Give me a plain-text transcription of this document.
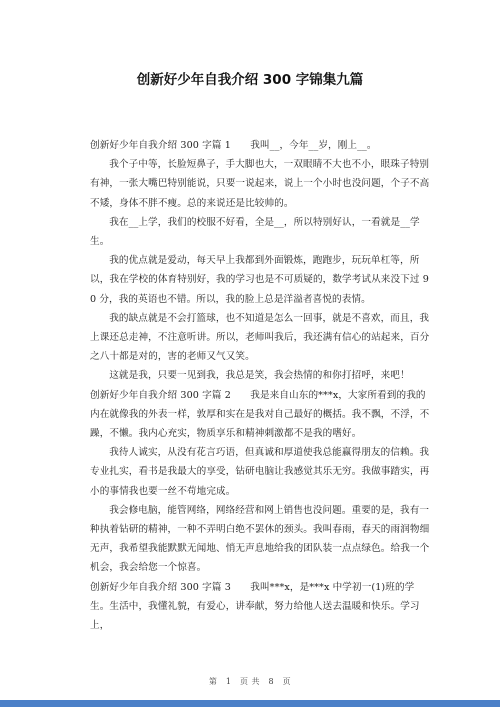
创新好少年自我介绍 300 字锦集九篇

创新好少年自我介绍 300 字篇 1　　我叫__，今年__岁，刚上__。

我个子中等，长脸短鼻子，手大脚也大，一双眼睛不大也不小，眼珠子特别有神，一张大嘴巴特别能说，只要一说起来，说上一个小时也没问题，个子不高不矮，身体不胖不瘦。总的来说还是比较帅的。

我在__上学，我们的校服不好看，全是__，所以特别好认，一看就是__学生。

我的优点就是爱动，每天早上我都到外面锻炼，跑跑步，玩玩单杠等，所以，我在学校的体育特别好，我的学习也是不可质疑的，数学考试从来没下过 90 分，我的英语也不错。所以，我的脸上总是洋溢者喜悦的表情。

我的缺点就是不会打篮球，也不知道是怎么一回事，就是不喜欢，而且，我上课还总走神，不注意听讲。所以，老师叫我后，我还满有信心的站起来，百分之八十都是对的，害的老师又气又笑。

这就是我，只要一见到我，我总是笑，我会热情的和你打招呼，来吧！

创新好少年自我介绍 300 字篇 2　　我是来自山东的***x，大家所看到的我的内在就像我的外表一样，敦厚和实在是我对自己最好的概括。我不飘，不浮，不躁，不懒。我内心充实，物质享乐和精神刺激都不是我的嗜好。

我待人诚实，从没有花言巧语，但真诚和厚道使我总能赢得朋友的信赖。我专业扎实，看书是我最大的享受，钻研电脑让我感觉其乐无穷。我做事踏实，再小的事情我也要一丝不苟地完成。

我会修电脑，能管网络，网络经营和网上销售也没问题。重要的是，我有一种执着钻研的精神，一种不弄明白绝不罢休的颈头。我叫春雨，春天的雨润物细无声，我希望我能默默无闻地、悄无声息地给我的团队装一点点绿色。给我一个机会，我会给您一个惊喜。

创新好少年自我介绍 300 字篇 3　　我叫***x，是***x 中学初一(1)班的学生。生活中，我懂礼貌，有爱心，讲奉献，努力给他人送去温暖和快乐。学习上，

第　1　页 共　8　页
